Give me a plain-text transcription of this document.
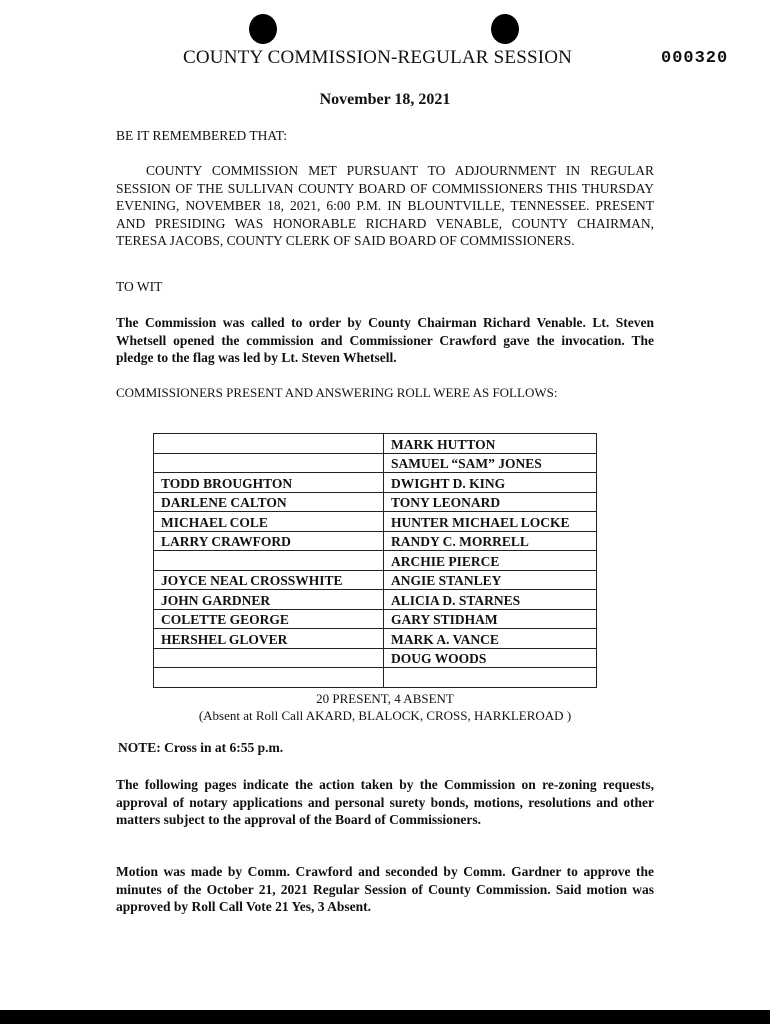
COUNTY COMMISSION-REGULAR SESSION	000320
November 18, 2021
BE IT REMEMBERED THAT:
COUNTY COMMISSION MET PURSUANT TO ADJOURNMENT IN REGULAR SESSION OF THE SULLIVAN COUNTY BOARD OF COMMISSIONERS THIS THURSDAY EVENING, NOVEMBER 18, 2021, 6:00 P.M. IN BLOUNTVILLE, TENNESSEE. PRESENT AND PRESIDING WAS HONORABLE RICHARD VENABLE, COUNTY CHAIRMAN, TERESA JACOBS, COUNTY CLERK OF SAID BOARD OF COMMISSIONERS.
TO WIT
The Commission was called to order by County Chairman Richard Venable. Lt. Steven Whetsell opened the commission and Commissioner Crawford gave the invocation. The pledge to the flag was led by Lt. Steven Whetsell.
COMMISSIONERS PRESENT AND ANSWERING ROLL WERE AS FOLLOWS:
	MARK HUTTON
	SAMUEL “SAM” JONES
TODD BROUGHTON	DWIGHT D. KING
DARLENE CALTON	TONY LEONARD
MICHAEL COLE	HUNTER MICHAEL LOCKE
LARRY CRAWFORD	RANDY C. MORRELL
	ARCHIE PIERCE
JOYCE NEAL CROSSWHITE	ANGIE STANLEY
JOHN GARDNER	ALICIA D. STARNES
COLETTE GEORGE	GARY STIDHAM
HERSHEL GLOVER	MARK A. VANCE
	DOUG WOODS

20 PRESENT, 4 ABSENT
(Absent at Roll Call AKARD, BLALOCK, CROSS, HARKLEROAD )
NOTE: Cross in at 6:55 p.m.
The following pages indicate the action taken by the Commission on re-zoning requests, approval of notary applications and personal surety bonds, motions, resolutions and other matters subject to the approval of the Board of Commissioners.
Motion was made by Comm. Crawford and seconded by Comm. Gardner to approve the minutes of the October 21, 2021 Regular Session of County Commission. Said motion was approved by Roll Call Vote 21 Yes, 3 Absent.
